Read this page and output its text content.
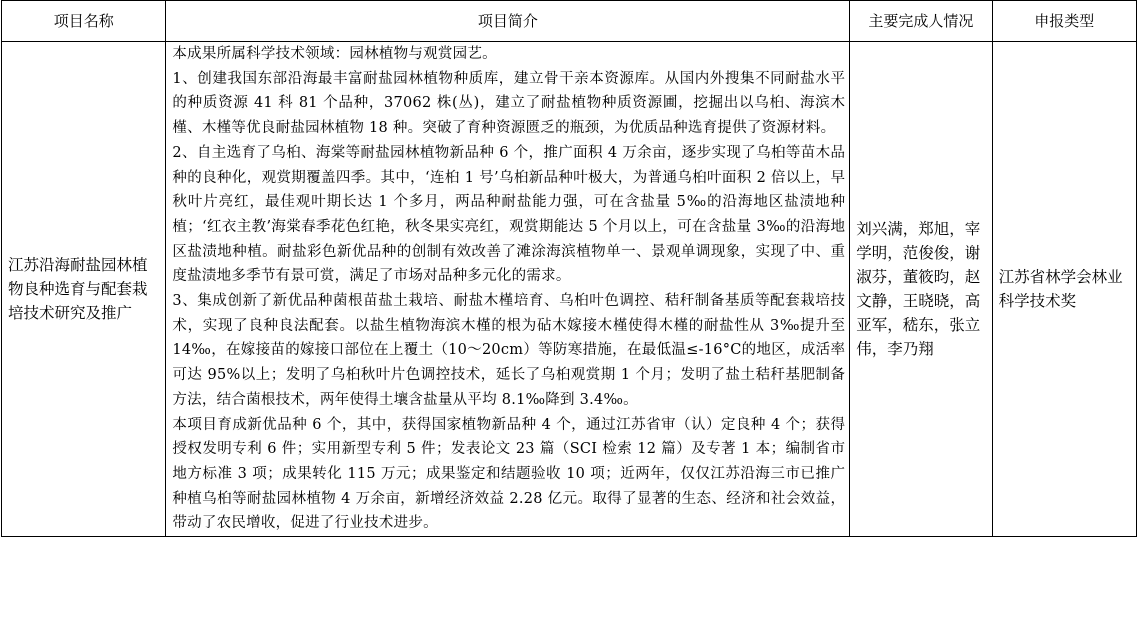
项目名称	项目简介	主要完成人情况	申报类型
江苏沿海耐盐园林植物良种选育与配套栽培技术研究及推广	本成果所属科学技术领域：园林植物与观赏园艺。

1、创建我国东部沿海最丰富耐盐园林植物种质库，建立骨干亲本资源库。从国内外搜集不同耐盐水平的种质资源 41 科 81 个品种，37062 株(丛)，建立了耐盐植物种质资源圃，挖掘出以乌桕、海滨木槿、木槿等优良耐盐园林植物 18 种。突破了育种资源匮乏的瓶颈，为优质品种选育提供了资源材料。

2、自主选育了乌桕、海棠等耐盐园林植物新品种 6 个，推广面积 4 万余亩，逐步实现了乌桕等苗木品种的良种化，观赏期覆盖四季。其中，‘连桕 1 号’乌桕新品种叶极大，为普通乌桕叶面积 2 倍以上，早秋叶片亮红，最佳观叶期长达 1 个多月，两品种耐盐能力强，可在含盐量 5‰的沿海地区盐渍地种植；‘红衣主教’海棠春季花色红艳，秋冬果实亮红，观赏期能达 5 个月以上，可在含盐量 3‰的沿海地区盐渍地种植。耐盐彩色新优品种的创制有效改善了滩涂海滨植物单一、景观单调现象，实现了中、重度盐渍地多季节有景可赏，满足了市场对品种多元化的需求。

3、集成创新了新优品种菌根苗盐土栽培、耐盐木槿培育、乌桕叶色调控、秸秆制备基质等配套栽培技术，实现了良种良法配套。以盐生植物海滨木槿的根为砧木嫁接木槿使得木槿的耐盐性从 3‰提升至 14‰，在嫁接苗的嫁接口部位在上覆土（10～20cm）等防寒措施，在最低温≤-16°C的地区，成活率可达 95%以上；发明了乌桕秋叶片色调控技术，延长了乌桕观赏期 1 个月；发明了盐土秸秆基肥制备方法，结合菌根技术，两年使得土壤含盐量从平均 8.1‰降到 3.4‰。

本项目育成新优品种 6 个，其中，获得国家植物新品种 4 个，通过江苏省审（认）定良种 4 个；获得授权发明专利 6 件；实用新型专利 5 件；发表论文 23 篇（SCI 检索 12 篇）及专著 1 本；编制省市地方标准 3 项；成果转化 115 万元；成果鉴定和结题验收 10 项；近两年，仅仅江苏沿海三市已推广种植乌桕等耐盐园林植物 4 万余亩，新增经济效益 2.28 亿元。取得了显著的生态、经济和社会效益，带动了农民增收，促进了行业技术进步。	刘兴满，郑旭，宰学明，范俊俊，谢淑芬，董筱昀，赵文静，王晓晓，高亚军，嵇东，张立伟，李乃翔	江苏省林学会林业科学技术奖
